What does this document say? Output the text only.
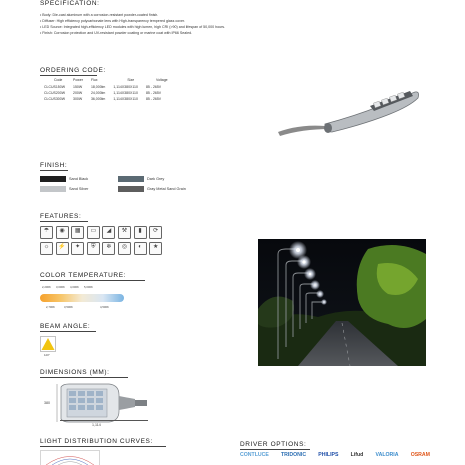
SPECIFICATION:
• Body: Die-cast aluminum with a corrosion-resistant powder-coated finish.
• Diffuser: High efficiency polycarbonate lens with High-transparency tempered glass cover.
• LED Source: Integrated high-efficiency LED modules with high lumen, high CRI (>90) and lifespan of 50,000 hours.
• Finish: Corrosion protection and UV-resistant powder coating or marine coat with IP66 Sealed.
ORDERING CODE:
Code	Power	Flux	Size	Voltage
CLCUS150W	150W	18,000lm	1,114X380X110	85 - 265V
CLCUS200W	200W	24,000lm	1,114X380X110	85 - 265V
CLCUS300W	300W	36,000lm	1,114X380X110	85 - 265V
FINISH:
Sand Black	Dark Grey
Sand Silver	Gray Metal Sand Grain
FEATURES:
☂	◉	▦	▭	◢	⚒	▮	⟳
☼	⚡	✦	⛨	❄	◎	◐	★
COLOR TEMPERATURE:
2,200K 3,000K 4,000K 5,000K
2,700K	3,500K	4,500K
BEAM ANGLE:
120°
DIMENSIONS (MM):
380
1,114
LIGHT DISTRIBUTION CURVES:	DRIVER OPTIONS:
CONTLUCE TRIDONIC PHILIPS Lifud VALORIA OSRAM
